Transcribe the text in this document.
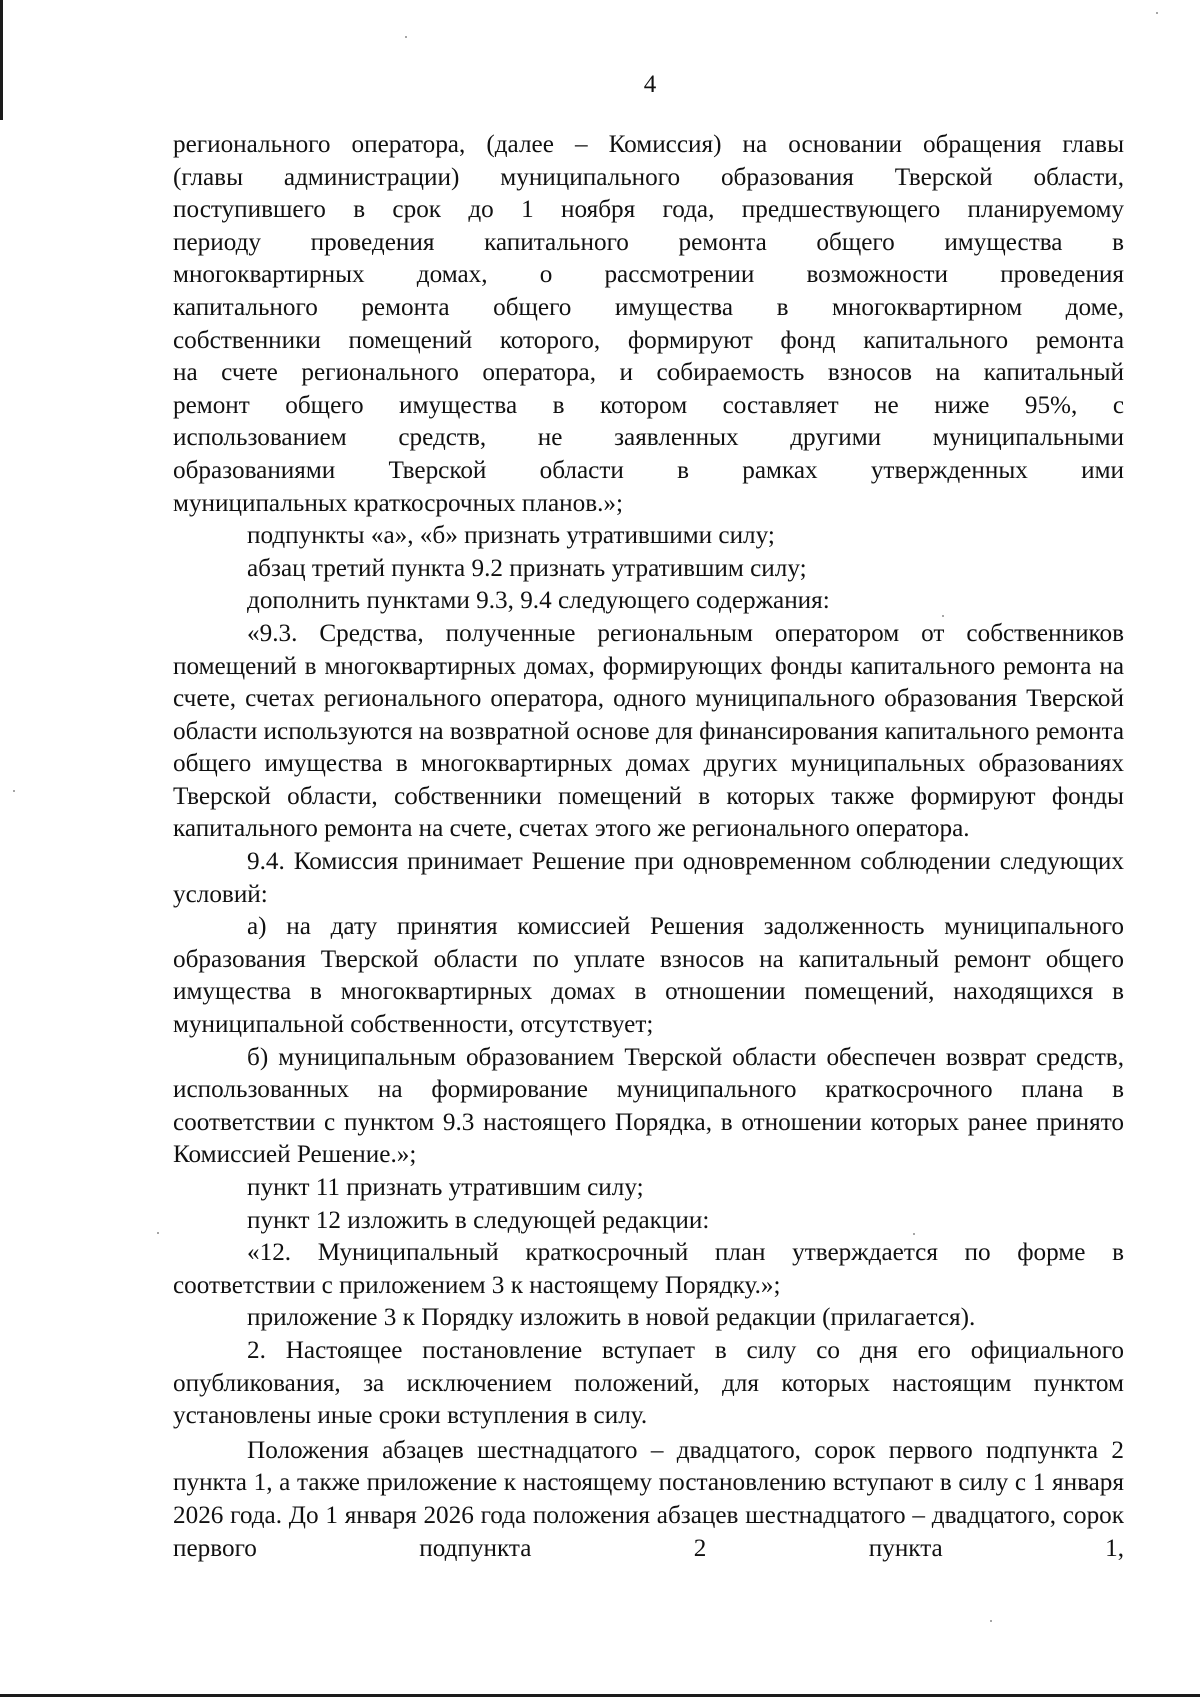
4

регионального оператора, (далее – Комиссия) на основании обращения главы

(главы администрации) муниципального образования Тверской области,

поступившего в срок до 1 ноября года, предшествующего планируемому

периоду проведения капитального ремонта общего имущества в

многоквартирных домах, о рассмотрении возможности проведения

капитального ремонта общего имущества в многоквартирном доме,

собственники помещений которого, формируют фонд капитального ремонта

на счете регионального оператора, и собираемость взносов на капитальный

ремонт общего имущества в котором составляет не ниже 95%, с

использованием средств, не заявленных другими муниципальными

образованиями Тверской области в рамках утвержденных ими

муниципальных краткосрочных планов.»;

подпункты «а», «б» признать утратившими силу;

абзац третий пункта 9.2 признать утратившим силу;

дополнить пунктами 9.3, 9.4 следующего содержания:

«9.3. Средства, полученные региональным оператором от собственников помещений в многоквартирных домах, формирующих фонды капитального ремонта на счете, счетах регионального оператора, одного муниципального образования Тверской области используются на возвратной основе для финансирования капитального ремонта общего имущества в многоквартирных домах других муниципальных образованиях Тверской области, собственники помещений в которых также формируют фонды капитального ремонта на счете, счетах этого же регионального оператора.

9.4. Комиссия принимает Решение при одновременном соблюдении следующих условий:

а) на дату принятия комиссией Решения задолженность муниципального образования Тверской области по уплате взносов на капитальный ремонт общего имущества в многоквартирных домах в отношении помещений, находящихся в муниципальной собственности, отсутствует;

б) муниципальным образованием Тверской области обеспечен возврат средств, использованных на формирование муниципального краткосрочного плана в соответствии с пунктом 9.3 настоящего Порядка, в отношении которых ранее принято Комиссией Решение.»;

пункт 11 признать утратившим силу;

пункт 12 изложить в следующей редакции:

«12. Муниципальный краткосрочный план утверждается по форме в соответствии с приложением 3 к настоящему Порядку.»;

приложение 3 к Порядку изложить в новой редакции (прилагается).

2. Настоящее постановление вступает в силу со дня его официального опубликования, за исключением положений, для которых настоящим пунктом установлены иные сроки вступления в силу.

Положения абзацев шестнадцатого – двадцатого, сорок первого подпункта 2 пункта 1, а также приложение к настоящему постановлению вступают в силу с 1 января 2026 года. До 1 января 2026 года положения абзацев шестнадцатого – двадцатого, сорок первого подпункта 2 пункта 1,
